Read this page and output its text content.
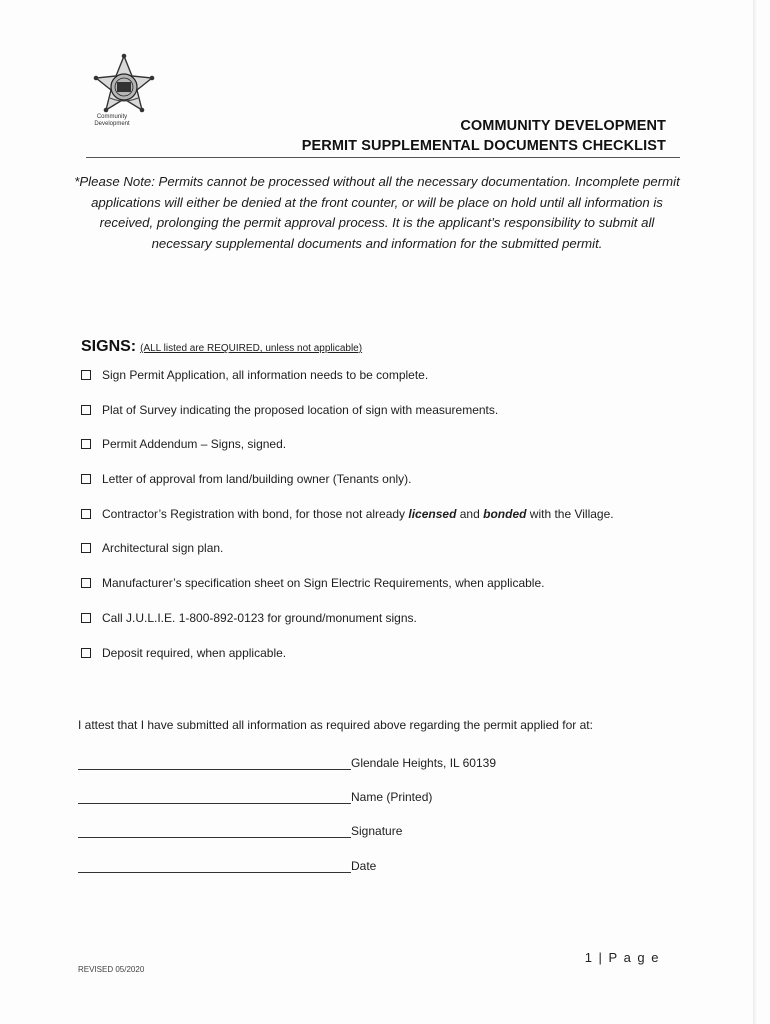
Community
Development	COMMUNITY DEVELOPMENT
PERMIT SUPPLEMENTAL DOCUMENTS CHECKLIST
*Please Note: Permits cannot be processed without all the necessary documentation. Incomplete permit applications will either be denied at the front counter, or will be place on hold until all information is received, prolonging the permit approval process. It is the applicant’s responsibility to submit all necessary supplemental documents and information for the submitted permit.
SIGNS: (ALL listed are REQUIRED, unless not applicable)
Sign Permit Application, all information needs to be complete.
Plat of Survey indicating the proposed location of sign with measurements.
Permit Addendum – Signs, signed.
Letter of approval from land/building owner (Tenants only).
Contractor’s Registration with bond, for those not already licensed and bonded with the Village.
Architectural sign plan.
Manufacturer’s specification sheet on Sign Electric Requirements, when applicable.
Call J.U.L.I.E. 1-800-892-0123 for ground/monument signs.
Deposit required, when applicable.
I attest that I have submitted all information as required above regarding the permit applied for at:
Glendale Heights, IL 60139
Name (Printed)
Signature
Date
1 | P a g e
REVISED 05/2020
